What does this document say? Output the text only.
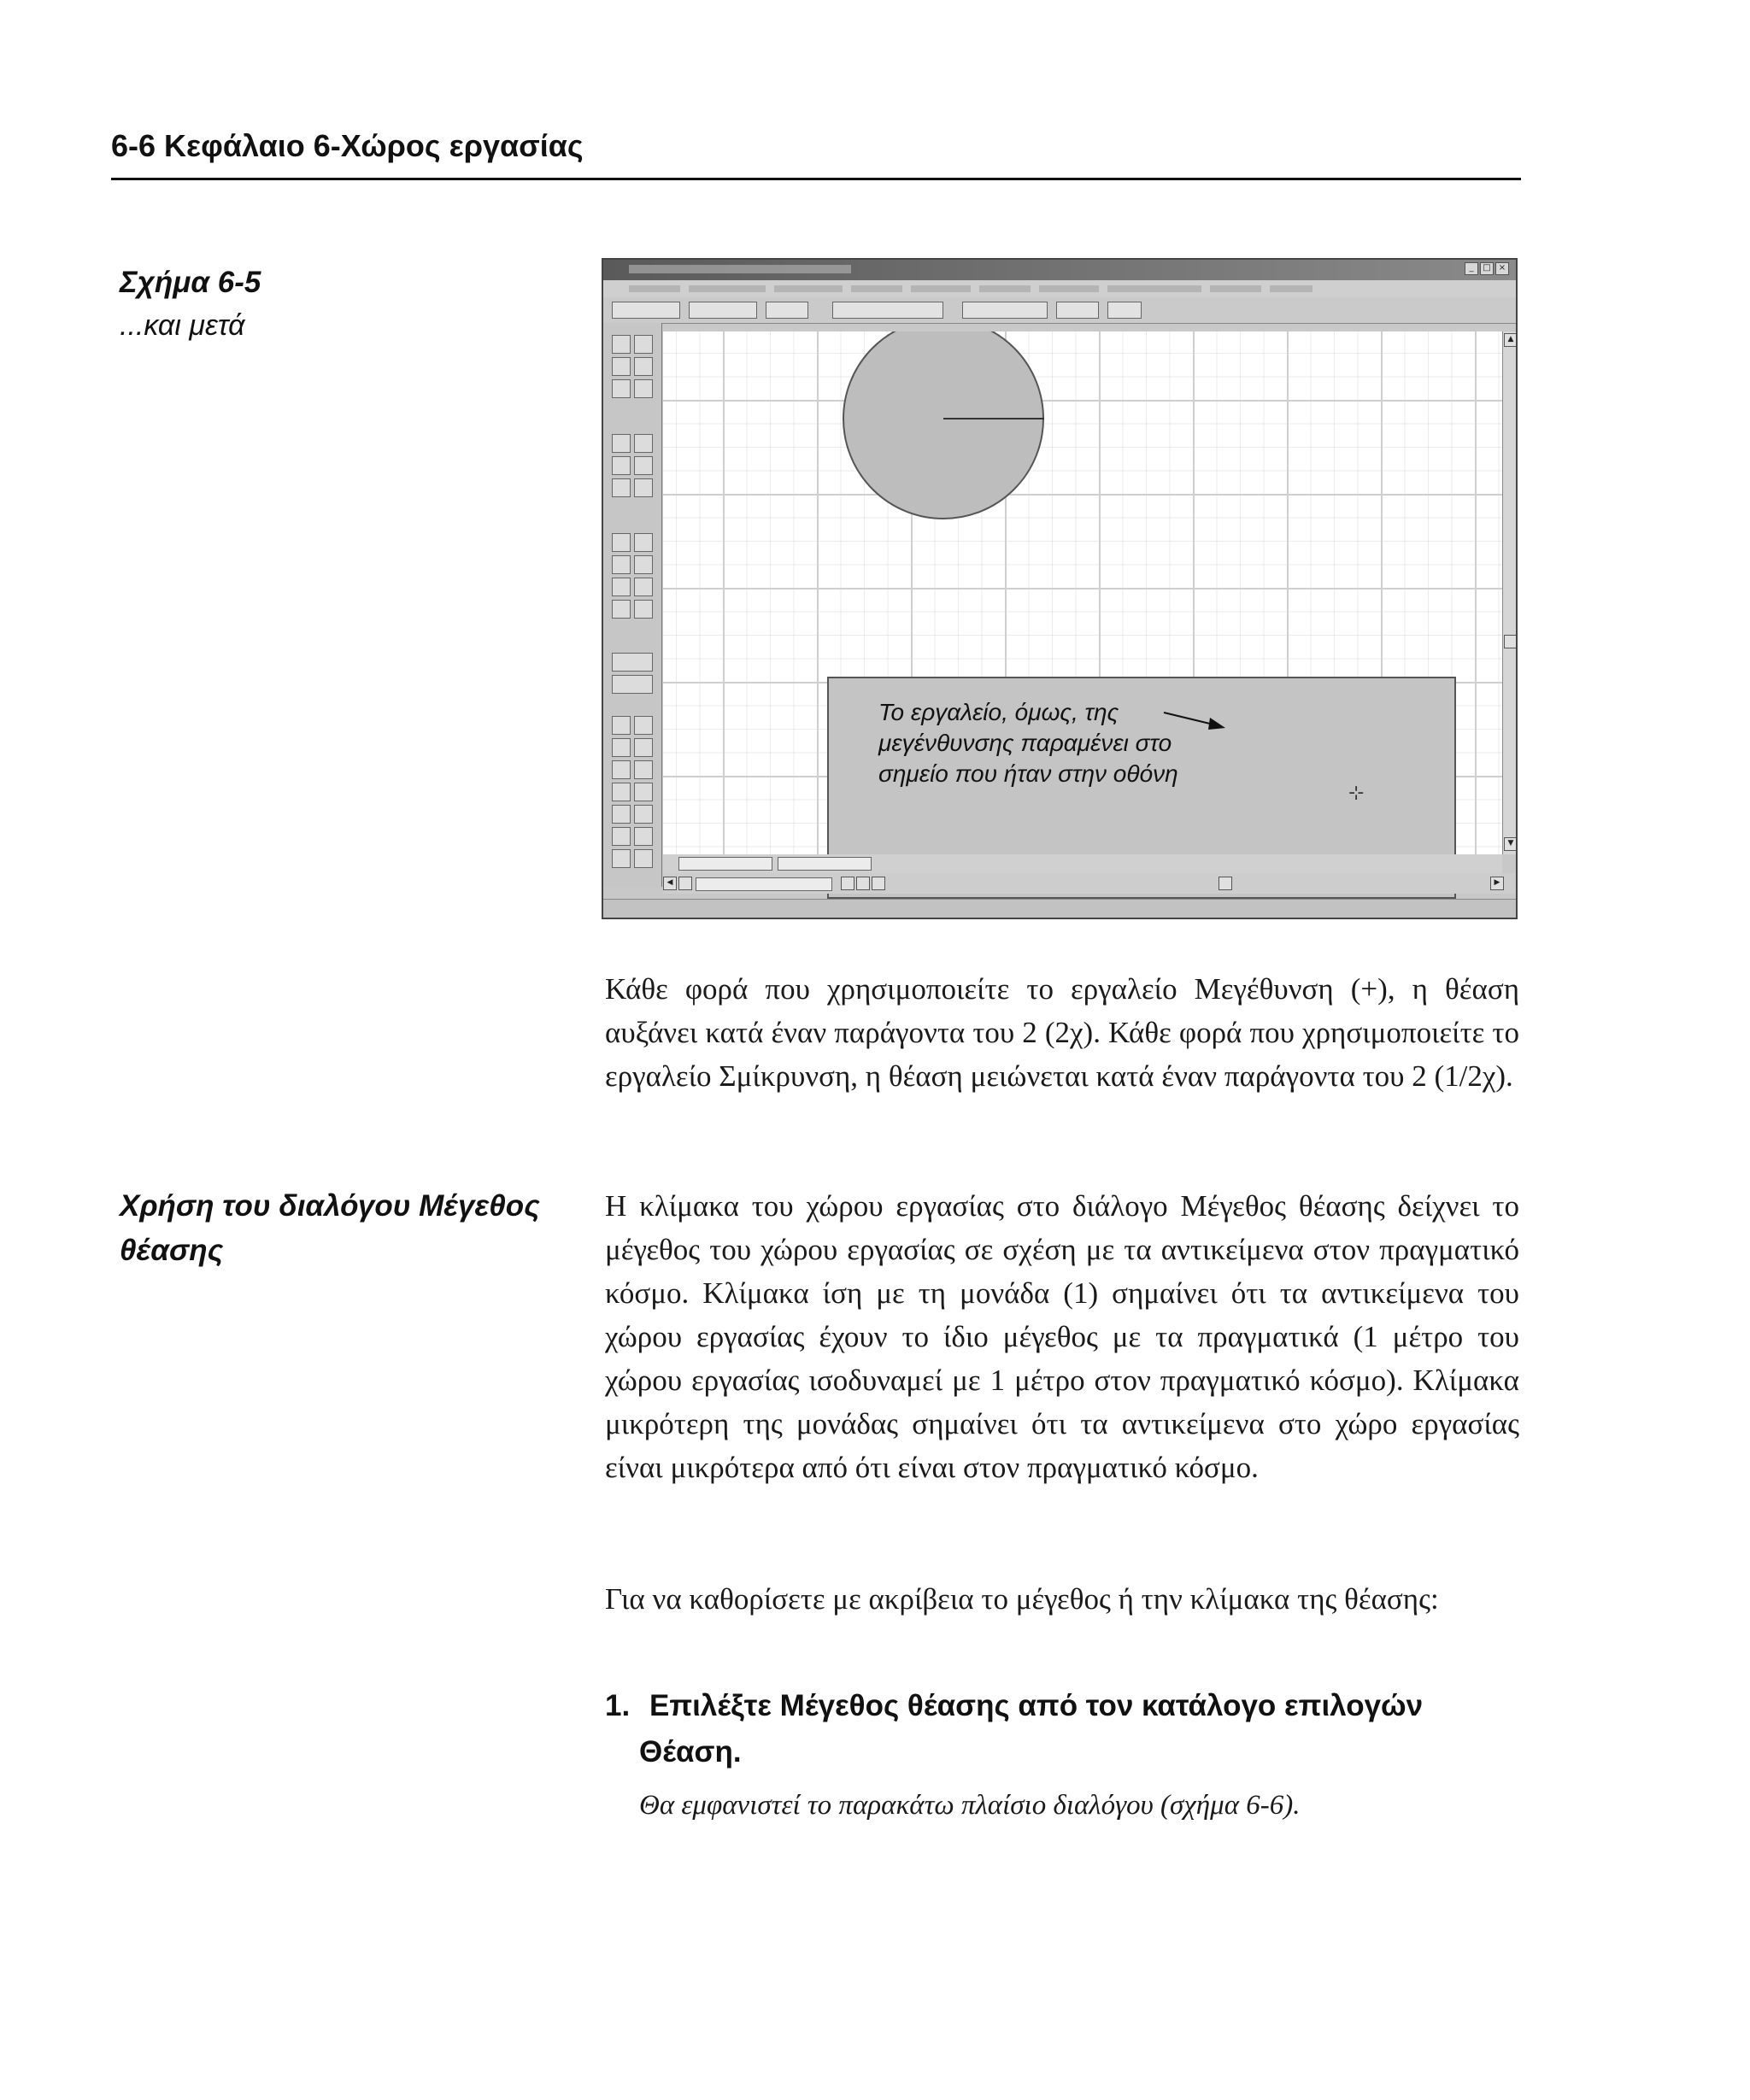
6-6 Κεφάλαιο 6-Χώρος εργασίας
Σχήμα 6-5
...και μετά
_	□ ×
Το εργαλείο, όμως, της μεγένθυνσης παραμένει στο σημείο που ήταν στην οθόνη
⊹
▲
▼
◀	▶
Κάθε φορά που χρησιμοποιείτε το εργαλείο Μεγέθυνση (+), η θέαση αυξάνει κατά έναν παράγοντα του 2 (2χ). Κάθε φορά που χρησιμοποιείτε το εργαλείο Σμίκρυνση, η θέαση μειώνεται κατά έναν παράγοντα του 2 (1/2χ).
Χρήση του διαλόγου Μέγεθος
θέασης
Η κλίμακα του χώρου εργασίας στο διάλογο Μέγεθος θέασης δείχνει το μέγεθος του χώρου εργασίας σε σχέση με τα αντικείμενα στον πραγματικό κόσμο. Κλίμακα ίση με τη μονάδα (1) σημαίνει ότι τα αντικείμενα του χώρου εργασίας έχουν το ίδιο μέγεθος με τα πραγματικά (1 μέτρο του χώρου εργασίας ισοδυναμεί με 1 μέτρο στον πραγματικό κόσμο). Κλίμακα μικρότερη της μονάδας σημαίνει ότι τα αντικείμενα στο χώρο εργασίας είναι μικρότερα από ότι είναι στον πραγματικό κόσμο.
Για να καθορίσετε με ακρίβεια το μέγεθος ή την κλίμακα της θέασης:
1. Επιλέξτε Μέγεθος θέασης από τον κατάλογο επιλογών
Θέαση.
Θα εμφανιστεί το παρακάτω πλαίσιο διαλόγου (σχήμα 6-6).
